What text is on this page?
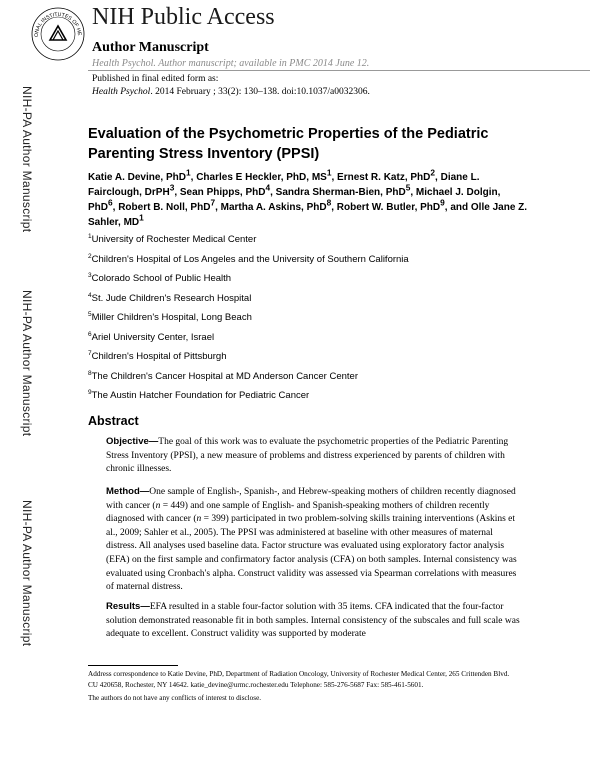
ONAL INSTITUTES OF HE
NIH Public Access
Author Manuscript
Health Psychol. Author manuscript; available in PMC 2014 June 12.
Published in final edited form as:
Health Psychol. 2014 February ; 33(2): 130–138. doi:10.1037/a0032306.
NIH-PA Author Manuscript
NIH-PA Author Manuscript
NIH-PA Author Manuscript
Evaluation of the Psychometric Properties of the Pediatric Parenting Stress Inventory (PPSI)
Katie A. Devine, PhD$^1$, Charles E Heckler, PhD, $MS^1$, Ernest R. Katz, PhD$^2$, Diane L. Fairclough, DrPH$^3$, Sean Phipps, PhD$^4$, Sandra Sherman-Bien, PhD$^5$, Michael J. Dolgin, PhD$^6$, Robert B. Noll, PhD$^7$, Martha A. Askins, PhD$^8$, Robert W. Butler, PhD$^9$, and Olle Jane Z. Sahler, $MD^1$
$^1$University of Rochester Medical Center
$^2$Children's Hospital of Los Angeles and the University of Southern California
$^3$Colorado School of Public Health
$^4$St. Jude Children's Research Hospital
$^5$Miller Children's Hospital, Long Beach
$^6$Ariel University Center, Israel
$^7$Children's Hospital of Pittsburgh
$^8$The Children's Cancer Hospital at MD Anderson Cancer Center
$^9$The Austin Hatcher Foundation for Pediatric Cancer
Abstract
Objective—The goal of this work was to evaluate the psychometric properties of the Pediatric Parenting Stress Inventory (PPSI), a new measure of problems and distress experienced by parents of children with chronic illnesses.
Method—One sample of English-, Spanish-, and Hebrew-speaking mothers of children recently diagnosed with cancer (n = 449) and one sample of English- and Spanish-speaking mothers of children recently diagnosed with cancer (n = 399) participated in two problem-solving skills training interventions (Askins et al., 2009; Sahler et al., 2005). The PPSI was administered at baseline with other measures of maternal distress. All analyses used baseline data. Factor structure was evaluated using exploratory factor analysis (EFA) on the first sample and confirmatory factor analysis (CFA) on both samples. Internal consistency was evaluated using Cronbach's alpha. Construct validity was assessed via Spearman correlations with measures of maternal distress.
Results—EFA resulted in a stable four-factor solution with 35 items. CFA indicated that the four-factor solution demonstrated reasonable fit in both samples. Internal consistency of the subscales and full scale was adequate to excellent. Construct validity was supported by moderate
Address correspondence to Katie Devine, PhD, Department of Radiation Oncology, University of Rochester Medical Center, 265 Crittenden Blvd. CU 420658, Rochester, NY 14642. katie_devine@urmc.rochester.edu Telephone: 585-276-5687 Fax: 585-461-5601.
The authors do not have any conflicts of interest to disclose.
